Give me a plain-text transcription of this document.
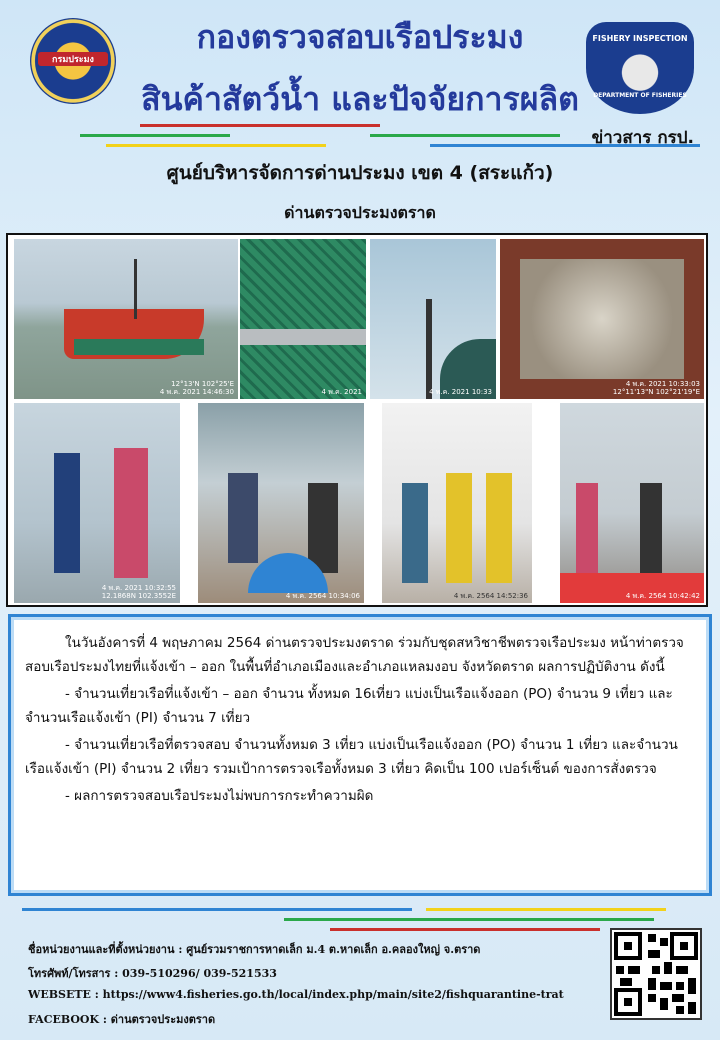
กรมประมง
FISHERY INSPECTION
DEPARTMENT OF FISHERIES
กองตรวจสอบเรือประมง
สินค้าสัตว์น้ำ และปัจจัยการผลิต
ข่าวสาร กรป.
ศูนย์บริหารจัดการด่านประมง เขต 4 (สระแก้ว)
ด่านตรวจประมงตราด
12°13'N 102°25'E
4 พ.ค. 2021 14:46:30	4 พ.ค. 2021	4 พ.ค. 2021 10:33
4 พ.ค. 2021 10:33:03
12°11'13"N 102°21'19"E
4 พ.ค. 2021 10:32:55
12.1868N 102.3552E	4 พ.ค. 2564 10:34:06	4 พ.ค. 2564 14:52:36	4 พ.ค. 2564 10:42:42

ในวันอังคารที่ 4 พฤษภาคม 2564 ด่านตรวจประมงตราด ร่วมกับชุดสหวิชาชีพตรวจเรือประมง หน้าท่าตรวจสอบเรือประมงไทยที่แจ้งเข้า – ออก ในพื้นที่อำเภอเมืองและอำเภอแหลมงอบ จังหวัดตราด ผลการปฏิบัติงาน ดังนี้

- จำนวนเที่ยวเรือที่แจ้งเข้า – ออก จำนวน ทั้งหมด 16เที่ยว แบ่งเป็นเรือแจ้งออก (PO) จำนวน 9 เที่ยว และจำนวนเรือแจ้งเข้า (PI) จำนวน 7 เที่ยว

- จำนวนเที่ยวเรือที่ตรวจสอบ จำนวนทั้งหมด 3 เที่ยว แบ่งเป็นเรือแจ้งออก (PO) จำนวน 1 เที่ยว และจำนวนเรือแจ้งเข้า (PI) จำนวน 2 เที่ยว รวมเป้าการตรวจเรือทั้งหมด 3 เที่ยว คิดเป็น 100 เปอร์เซ็นต์ ของการสั่งตรวจ

- ผลการตรวจสอบเรือประมงไม่พบการกระทำความผิด

ชื่อหน่วยงานและที่ตั้งหน่วยงาน : ศูนย์รวมราชการหาดเล็ก ม.4 ต.หาดเล็ก อ.คลองใหญ่ จ.ตราด
โทรศัพท์/โทรสาร : 039-510296/ 039-521533
WEBSETE : https://www4.fisheries.go.th/local/index.php/main/site2/fishquarantine-trat
FACEBOOK : ด่านตรวจประมงตราด
